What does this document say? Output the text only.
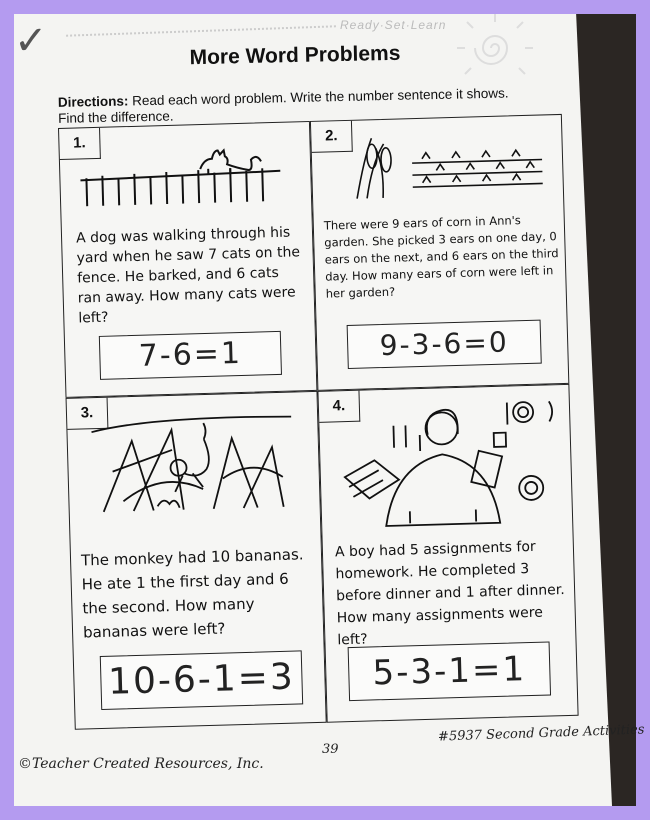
✓	Ready·Set·Learn
More Word Problems
Directions: Read each word problem. Write the number sentence it shows. Find the difference.
1.
A dog was walking through his yard when he saw 7 cats on the fence. He barked, and 6 cats ran away. How many cats were left?
7-6=1
2.
There were 9 ears of corn in Ann's garden. She picked 3 ears on one day, 0 ears on the next, and 6 ears on the third day. How many ears of corn were left in her garden?
9-3-6=0
3.
The monkey had 10 bananas. He ate 1 the first day and 6 the second. How many bananas were left?
10-6-1=3
4.
A boy had 5 assignments for homework. He completed 3 before dinner and 1 after dinner. How many assignments were left?
5-3-1=1
©Teacher Created Resources, Inc.
39
#5937 Second Grade Activities
